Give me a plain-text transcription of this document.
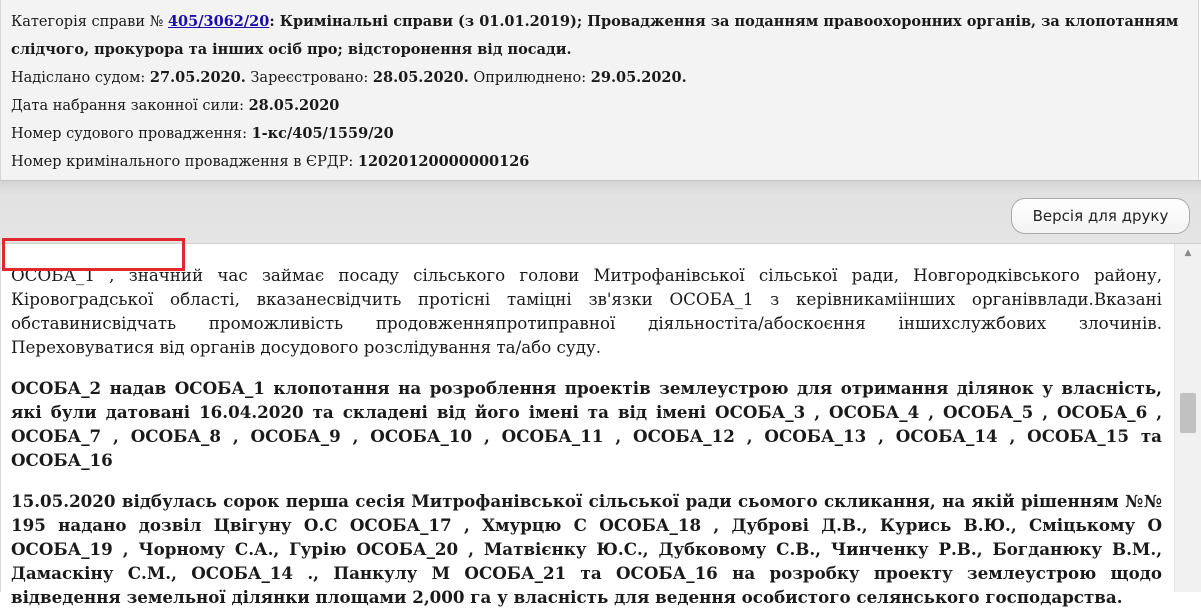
Категорія справи № 405/3062/20: Кримінальні справи (з 01.01.2019); Провадження за поданням правоохоронних органів, за клопотанням слідчого, прокурора та інших осіб про; відсторонення від посади.
Надіслано судом: 27.05.2020. Зареєстровано: 28.05.2020. Оприлюднено: 29.05.2020.
Дата набрання законної сили: 28.05.2020
Номер судового провадження: 1-кс/405/1559/20
Номер кримінального провадження в ЄРДР: 12020120000000126
Версія для друку

ОСОБА_1 , значний час займає посаду сільського голови Митрофанівської сільської ради, Новгородківського району, Кіровоградської області, вказанесвідчить протісні таміцні зв'язки ОСОБА_1 з керівникаміінших органіввлади.Вказані обставинисвідчать проможливість продовженняпротиправної діяльностіта/абоскоєння іншихслужбових злочинів. Переховуватися від органів досудового розслідування та/або суду.

ОСОБА_2 надав ОСОБА_1 клопотання на розроблення проектів землеустрою для отримання ділянок у власність, які були датовані 16.04.2020 та складені від його імені та від імені ОСОБА_3 , ОСОБА_4 , ОСОБА_5 , ОСОБА_6 , ОСОБА_7 , ОСОБА_8 , ОСОБА_9 , ОСОБА_10 , ОСОБА_11 , ОСОБА_12 , ОСОБА_13 , ОСОБА_14 , ОСОБА_15 та ОСОБА_16

15.05.2020 відбулась сорок перша сесія Митрофанівської сільської ради сьомого скликання, на якій рішенням №№ 195 надано дозвіл Цвігуну О.С ОСОБА_17 , Хмурцю С ОСОБА_18 , Дуброві Д.В., Курись В.Ю., Сміцькому О ОСОБА_19 , Чорному С.А., Гурію ОСОБА_20 , Матвієнку Ю.С., Дубковому С.В., Чинченку Р.В., Богданюку В.М., Дамаскіну С.М., ОСОБА_14 ., Панкулу М ОСОБА_21 та ОСОБА_16 на розробку проекту землеустрою щодо відведення земельної ділянки площами 2,000 га у власність для ведення особистого селянського господарства.

▲
